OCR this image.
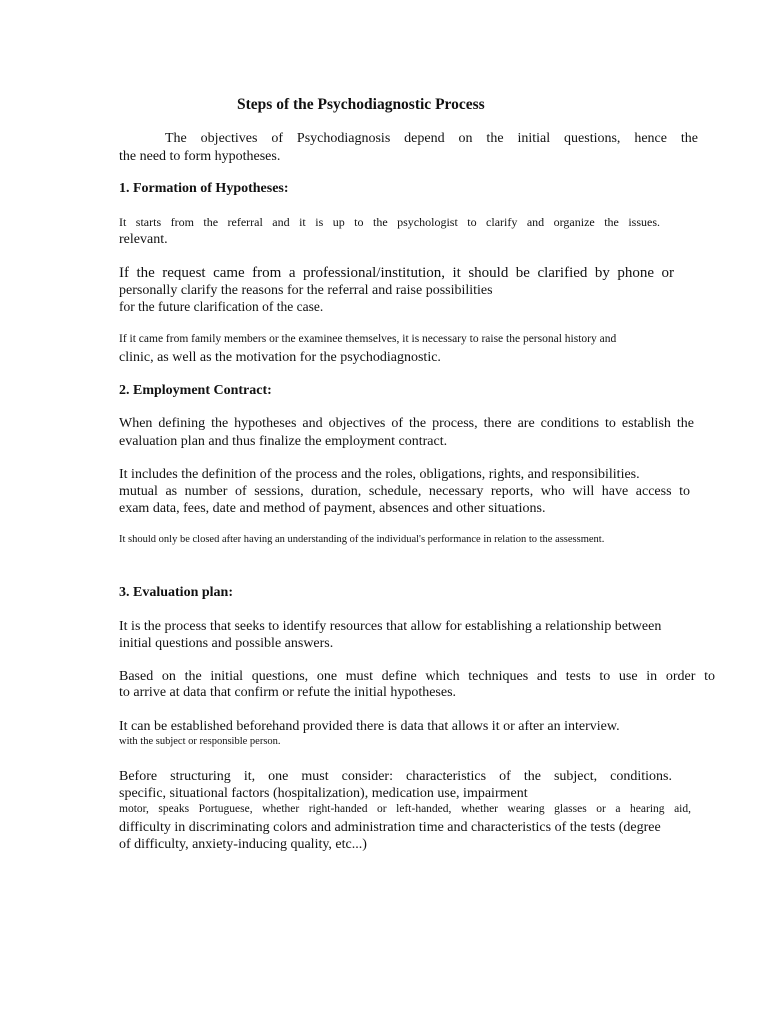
Steps of the Psychodiagnostic Process
The objectives of Psychodiagnosis depend on the initial questions, hence the
the need to form hypotheses.
1. Formation of Hypotheses:
It starts from the referral and it is up to the psychologist to clarify and organize the issues.
relevant.
If the request came from a professional/institution, it should be clarified by phone or
personally clarify the reasons for the referral and raise possibilities
for the future clarification of the case.
If it came from family members or the examinee themselves, it is necessary to raise the personal history and
clinic, as well as the motivation for the psychodiagnostic.
2. Employment Contract:
When defining the hypotheses and objectives of the process, there are conditions to establish the
evaluation plan and thus finalize the employment contract.
It includes the definition of the process and the roles, obligations, rights, and responsibilities.
mutual as number of sessions, duration, schedule, necessary reports, who will have access to
exam data, fees, date and method of payment, absences and other situations.
It should only be closed after having an understanding of the individual's performance in relation to the assessment.
3. Evaluation plan:
It is the process that seeks to identify resources that allow for establishing a relationship between
initial questions and possible answers.
Based on the initial questions, one must define which techniques and tests to use in order to
to arrive at data that confirm or refute the initial hypotheses.
It can be established beforehand provided there is data that allows it or after an interview.
with the subject or responsible person.
Before structuring it, one must consider: characteristics of the subject, conditions.
specific, situational factors (hospitalization), medication use, impairment
motor, speaks Portuguese, whether right-handed or left-handed, whether wearing glasses or a hearing aid,
difficulty in discriminating colors and administration time and characteristics of the tests (degree
of difficulty, anxiety-inducing quality, etc...)
